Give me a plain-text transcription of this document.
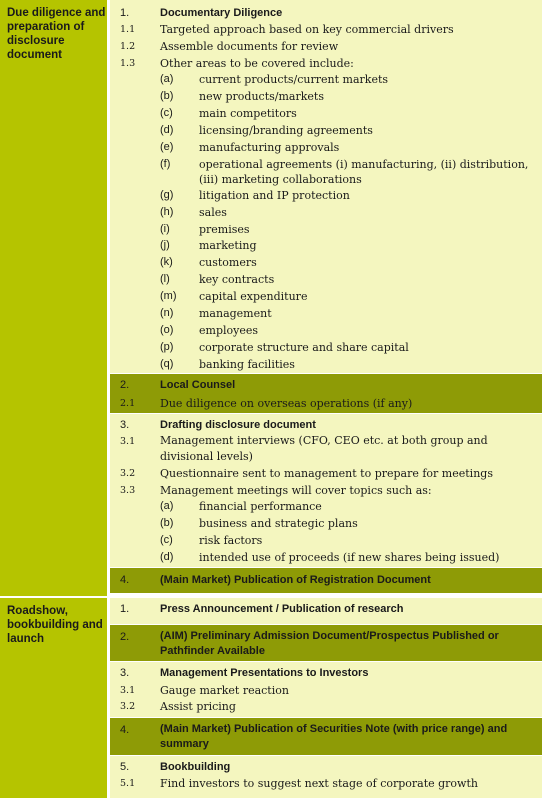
Due diligence and preparation of disclosure document
1.	Documentary Diligence
1.1 Targeted approach based on key commercial drivers
1.2 Assemble documents for review
1.3 Other areas to be covered include:
(a) current products/current markets
(b) new products/markets
(c) main competitors
(d) licensing/branding agreements
(e) manufacturing approvals
(f)	operational agreements (i) manufacturing, (ii) distribution, (iii) marketing collaborations
(g) litigation and IP protection
(h) sales
(i)	premises
(j)	marketing
(k) customers
(l)	key contracts
(m) capital expenditure
(n) management
(o) employees
(p) corporate structure and share capital
(q) banking facilities
2.	Local Counsel
2.1 Due diligence on overseas operations (if any)
3.	Drafting disclosure document
3.1 Management interviews (CFO, CEO etc. at both group and divisional levels)
3.2 Questionnaire sent to management to prepare for meetings
3.3 Management meetings will cover topics such as:
(a) financial performance
(b) business and strategic plans
(c) risk factors
(d) intended use of proceeds (if new shares being issued)
4.	(Main Market) Publication of Registration Document
Roadshow, bookbuilding and launch
1.	Press Announcement / Publication of research
2.	(AIM) Preliminary Admission Document/Prospectus Published or Pathfinder Available
3.	Management Presentations to Investors
3.1 Gauge market reaction
3.2 Assist pricing
4.	(Main Market) Publication of Securities Note (with price range) and summary
5.	Bookbuilding
5.1 Find investors to suggest next stage of corporate growth
